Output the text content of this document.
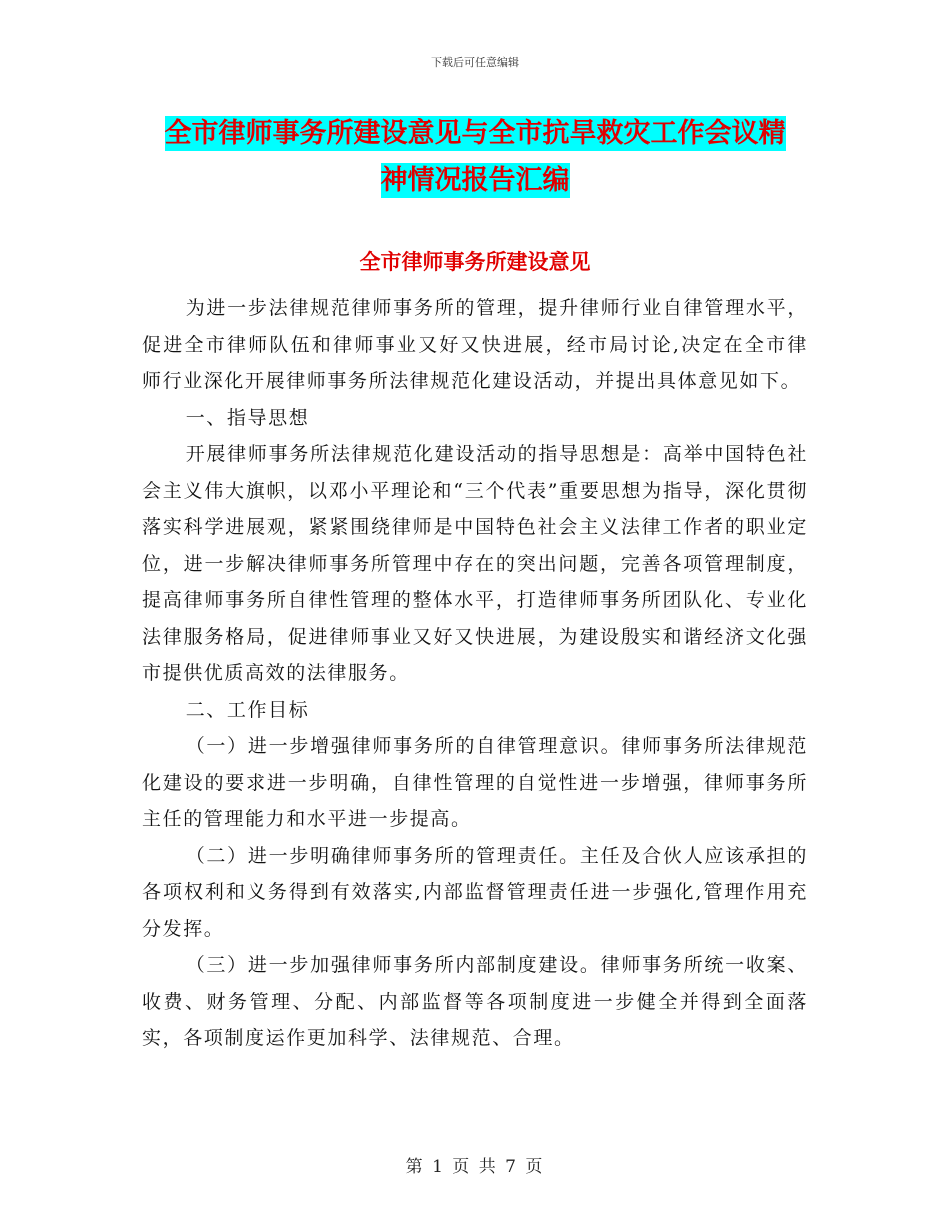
下载后可任意编辑
全市律师事务所建设意见与全市抗旱救灾工作会议精
神情况报告汇编
全市律师事务所建设意见

为进一步法律规范律师事务所的管理，提升律师行业自律管理水平，促进全市律师队伍和律师事业又好又快进展，经市局讨论,决定在全市律师行业深化开展律师事务所法律规范化建设活动，并提出具体意见如下。

一、指导思想

开展律师事务所法律规范化建设活动的指导思想是：高举中国特色社会主义伟大旗帜，以邓小平理论和“三个代表”重要思想为指导，深化贯彻落实科学进展观，紧紧围绕律师是中国特色社会主义法律工作者的职业定位，进一步解决律师事务所管理中存在的突出问题，完善各项管理制度，提高律师事务所自律性管理的整体水平，打造律师事务所团队化、专业化法律服务格局，促进律师事业又好又快进展，为建设殷实和谐经济文化强市提供优质高效的法律服务。

二、工作目标

（一）进一步增强律师事务所的自律管理意识。律师事务所法律规范化建设的要求进一步明确，自律性管理的自觉性进一步增强，律师事务所主任的管理能力和水平进一步提高。

（二）进一步明确律师事务所的管理责任。主任及合伙人应该承担的各项权利和义务得到有效落实,内部监督管理责任进一步强化,管理作用充分发挥。

（三）进一步加强律师事务所内部制度建设。律师事务所统一收案、收费、财务管理、分配、内部监督等各项制度进一步健全并得到全面落实，各项制度运作更加科学、法律规范、合理。

第 1 页 共 7 页
